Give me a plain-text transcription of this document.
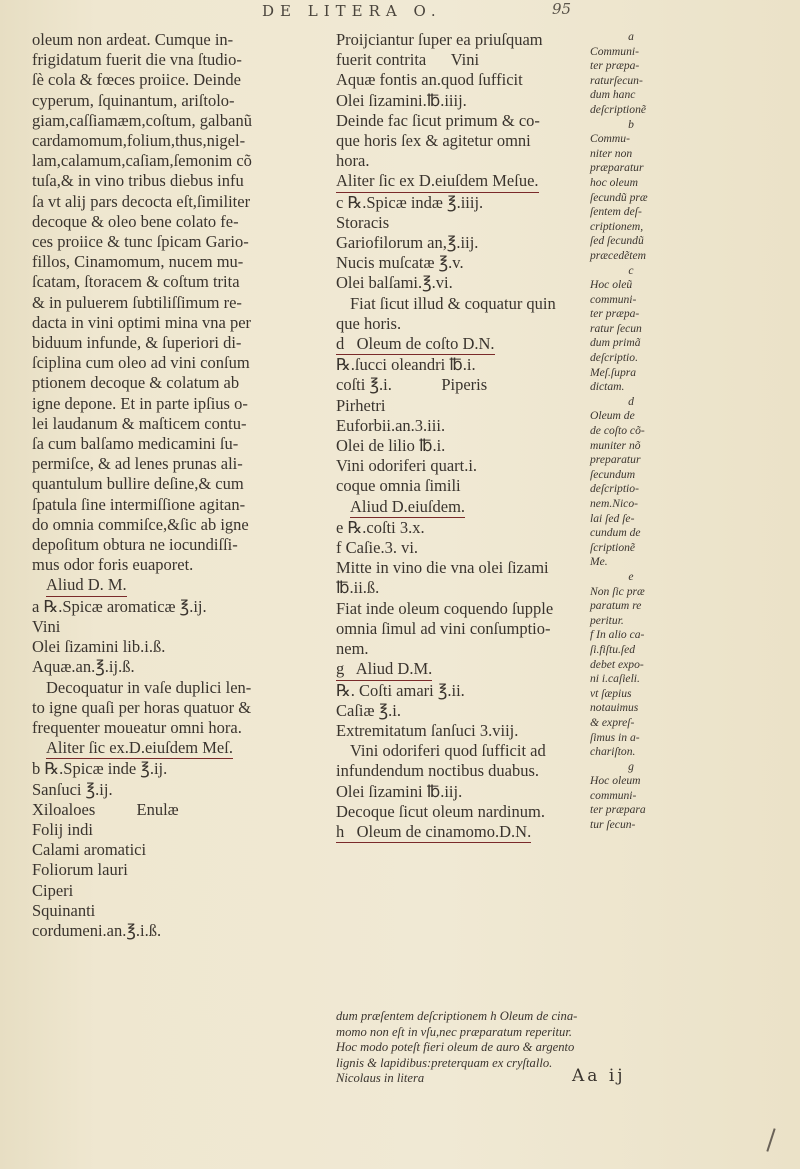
DE LITERA O.	95
oleum non ardeat. Cumque in-
frigidatum fuerit die vna ſtudio-
ſè cola & fœces proiice. Deinde
cyperum, ſquinantum, ariſtolo-
giam,caſſiamæm,coſtum, galbanũ
cardamomum,folium,thus,nigel-
lam,calamum,caſiam,ſemonim cõ
tuſa,& in vino tribus diebus infu
ſa vt alij pars decocta eſt,ſimiliter
decoque & oleo bene colato fe-
ces proiice & tunc ſpicam Gario-
fillos, Cinamomum, nucem mu-
ſcatam, ſtoracem & coſtum trita
& in puluerem ſubtiliſſimum re-
dacta in vini optimi mina vna per
biduum infunde, & ſuperiori di-
ſciplina cum oleo ad vini conſum
ptionem decoque & colatum ab
igne depone. Et in parte ipſius o-
lei laudanum & maſticem contu-
ſa cum balſamo medicamini ſu-
permiſce, & ad lenes prunas ali-
quantulum bullire deſine,& cum
ſpatula ſine intermiſſione agitan-
do omnia commiſce,&ſic ab igne
depoſitum obtura ne iocundiſſi-
mus odor foris euaporet.
Aliud D. M.
a ℞.Spicæ aromaticæ ℥.ij.
Vini
Olei ſizamini lib.i.ß.
Aquæ.an.℥.ij.ß.
Decoquatur in vaſe duplici len-
to igne quaſi per horas quatuor &
frequenter moueatur omni hora.
Aliter ſic ex.D.eiuſdem Meſ.
b ℞.Spicæ inde ℥.ij.
Sanſuci ℥.ij.
Xiloaloes          Enulæ
Folij indi
Calami aromatici
Foliorum lauri
Ciperi
Squinanti
cordumeni.an.℥.i.ß.
Proijciantur ſuper ea priuſquam
fuerit contrita      Vini
Aquæ fontis an.quod ſufficit
Olei ſizamini.℔.iiij.
Deinde fac ſicut primum & co-
que horis ſex & agitetur omni
hora.
Aliter ſic ex D.eiuſdem Meſue.
c ℞.Spicæ indæ ℥.iiij.
Storacis
Gariofilorum an,℥.iij.
Nucis muſcatæ ℥.v.
Olei balſami.℥.vi.
Fiat ſicut illud & coquatur quin
que horis.
d   Oleum de coſto D.N.
℞.ſucci oleandri ℔.i.
coſti ℥.i.            Piperis
Pirhetri
Euforbii.an.3.iii.
Olei de lilio ℔.i.
Vini odoriferi quart.i.
coque omnia ſimili
Aliud D.eiuſdem.
e ℞.coſti 3.x.
f Caſie.3. vi.
Mitte in vino die vna olei ſizami
℔.ii.ß.
Fiat inde oleum coquendo ſupple
omnia ſimul ad vini conſumptio-
nem.
g   Aliud D.M.
℞. Coſti amari ℥.ii.
Caſiæ ℥.i.
Extremitatum ſanſuci 3.viij.
Vini odoriferi quod ſufficit ad
infundendum noctibus duabus.
Olei ſizamini ℔.iij.
Decoque ſicut oleum nardinum.
h   Oleum de cinamomo.D.N.
dum præſentem deſcriptionem h Oleum de cina-
momo non eſt in vſu,nec præparatum reperitur.
Hoc modo poteſt fieri oleum de auro & argento
lignis & lapidibus:preterquam ex cryſtallo.
Nicolaus in litera
a
Communi-
ter præpa-
raturſecun-
dum hanc
deſcriptionẽ
b
Commu-
niter non
præparatur
hoc oleum
ſecundũ præ
ſentem deſ-
criptionem,
ſed ſecundũ
præcedẽtem
c
Hoc oleũ
communi-
ter præpa-
ratur ſecun
dum primã
deſcriptio.
Meſ.ſupra
dictam.
d
Oleum de
de coſto cõ-
muniter nõ
preparatur
ſecundum
deſcriptio-
nem.Nico-
lai ſed ſe-
cundum de
ſcriptionẽ
Me.
e
Non ſic præ
paratum re
peritur.
f In alio ca-
ſi.fiſtu.ſed
debet expo-
ni i.caſieli.
vt ſæpius
notauimus
& expreſ-
ſimus in a-
chariſton.
g
Hoc oleum
communi-
ter præpara
tur ſecun-
Aa ij
